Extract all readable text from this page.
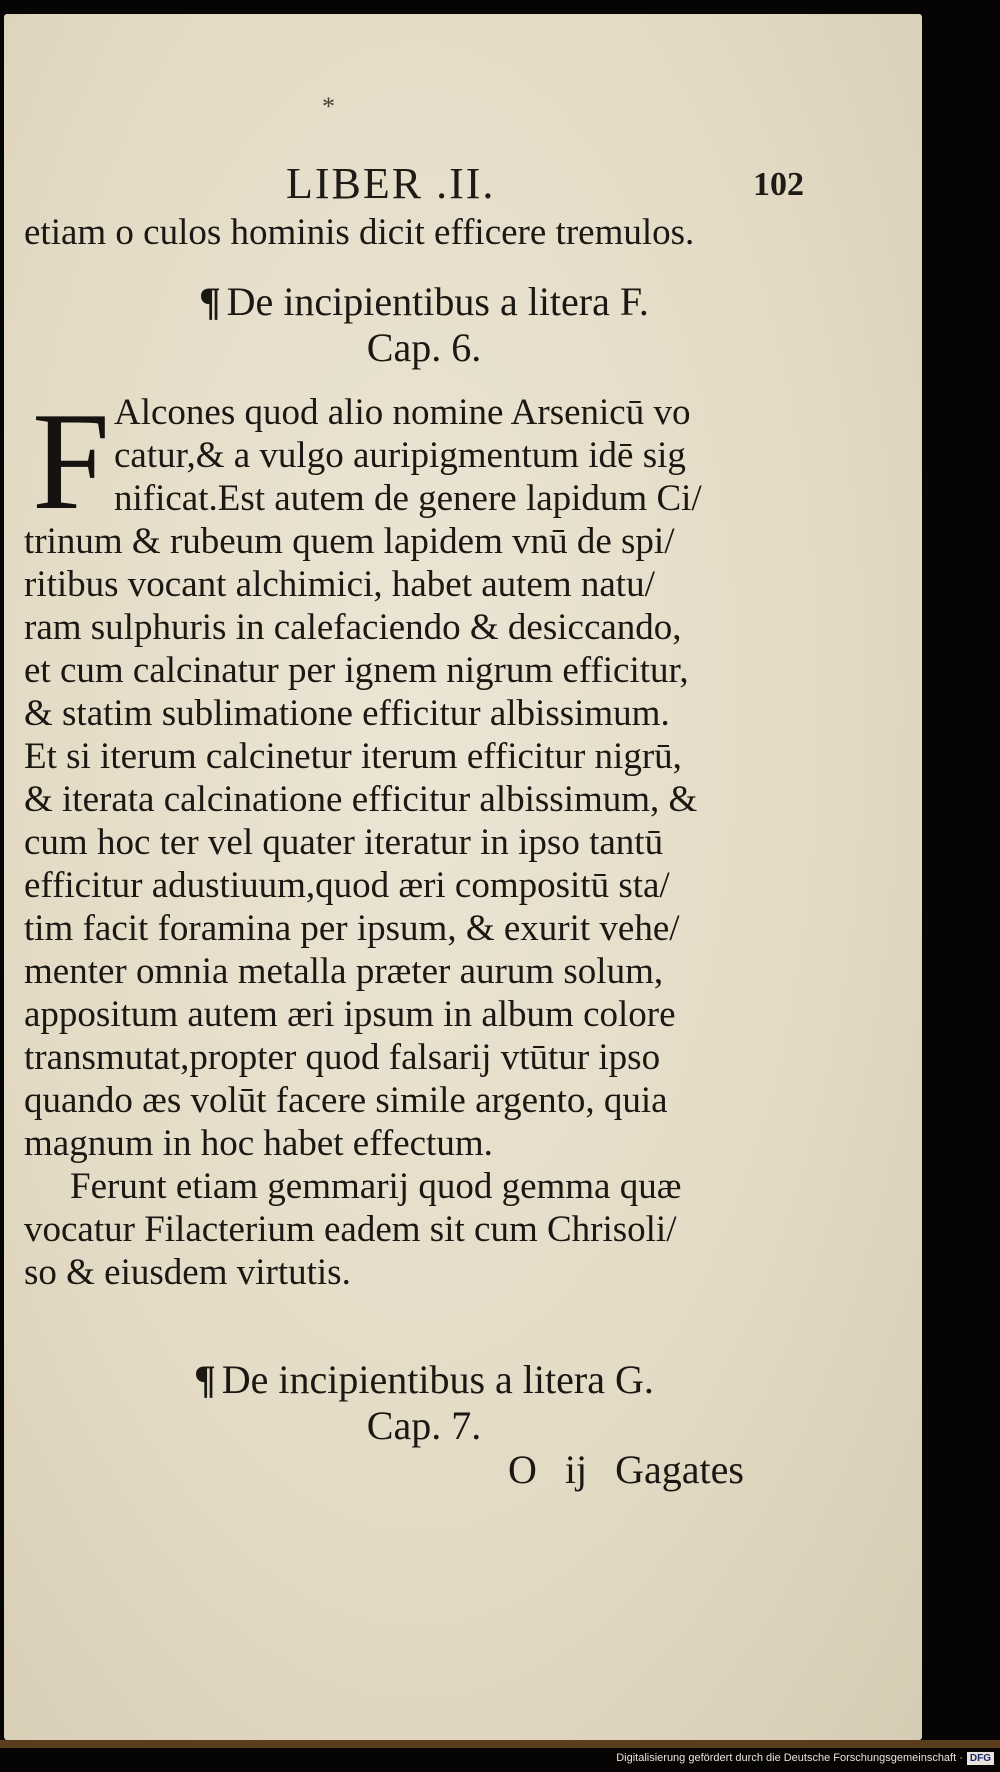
*
LIBER .II.	102
etiam o culos hominis dicit efficere tremulos.
¶ De incipientibus a litera F.
Cap. 6.
F Alcones quod alio nomine Arsenicū vo
catur,& a vulgo auripigmentum idē sig
nificat.Est autem de genere lapidum Ci/
trinum & rubeum quem lapidem vnū de spi/
ritibus vocant alchimici, habet autem natu/
ram sulphuris in calefaciendo & desiccando,
et cum calcinatur per ignem nigrum efficitur,
& statim sublimatione efficitur albissimum.
Et si iterum calcinetur iterum efficitur nigrū,
& iterata calcinatione efficitur albissimum, &
cum hoc ter vel quater iteratur in ipso tantū
efficitur adustiuum,quod æri compositū sta/
tim facit foramina per ipsum, & exurit vehe/
menter omnia metalla præter aurum solum,
appositum autem æri ipsum in album colore
transmutat,propter quod falsarij vtūtur ipso
quando æs volūt facere simile argento, quia
magnum in hoc habet effectum.
Ferunt etiam gemmarij quod gemma quæ
vocatur Filacterium eadem sit cum Chrisoli/
so & eiusdem virtutis.
¶ De incipientibus a litera G.
Cap. 7.
O ij Gagates
Digitalisierung gefördert durch die Deutsche Forschungsgemeinschaft · DFG
